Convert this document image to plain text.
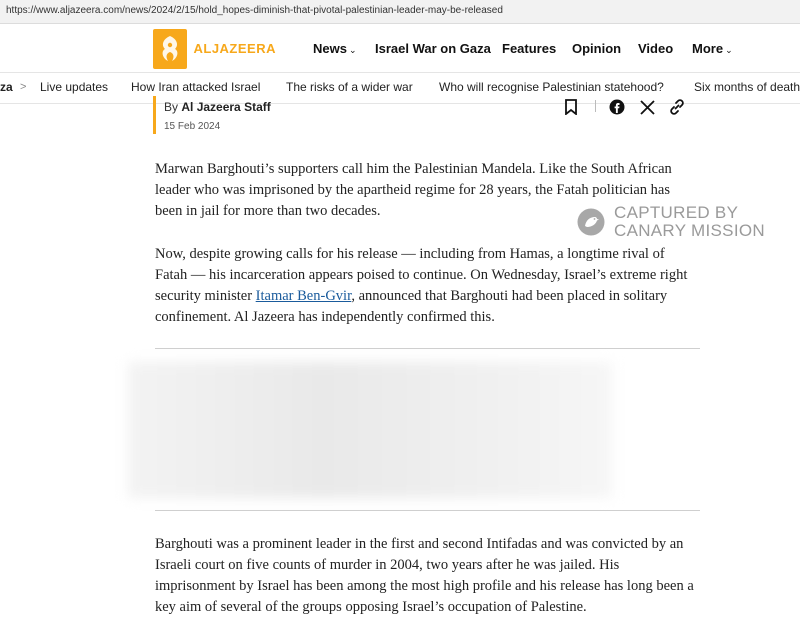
https://www.aljazeera.com/news/2024/2/15/hold_hopes-diminish-that-pivotal-palestinian-leader-may-be-released
ALJAZEERA	News ⌄ Israel War on Gaza Features Opinion Video More ⌄
za > Live updates How Iran attacked Israel The risks of a wider war Who will recognise Palestinian statehood?	Six months of death
By Al Jazeera Staff
15 Feb 2024

Marwan Barghouti’s supporters call him the Palestinian Mandela. Like the South African leader who was imprisoned by the apartheid regime for 28 years, the Fatah politician has been in jail for more than two decades.

Now, despite growing calls for his release — including from Hamas, a longtime rival of Fatah — his incarceration appears poised to continue. On Wednesday, Israel’s extreme right security minister Itamar Ben-Gvir, announced that Barghouti had been placed in solitary confinement. Al Jazeera has independently confirmed this.

Barghouti was a prominent leader in the first and second Intifadas and was convicted by an Israeli court on five counts of murder in 2004, two years after he was jailed. His imprisonment by Israel has been among the most high profile and his release has long been a key aim of several of the groups opposing Israel’s occupation of Palestine.

CAPTURED BY
CANARY MISSION
